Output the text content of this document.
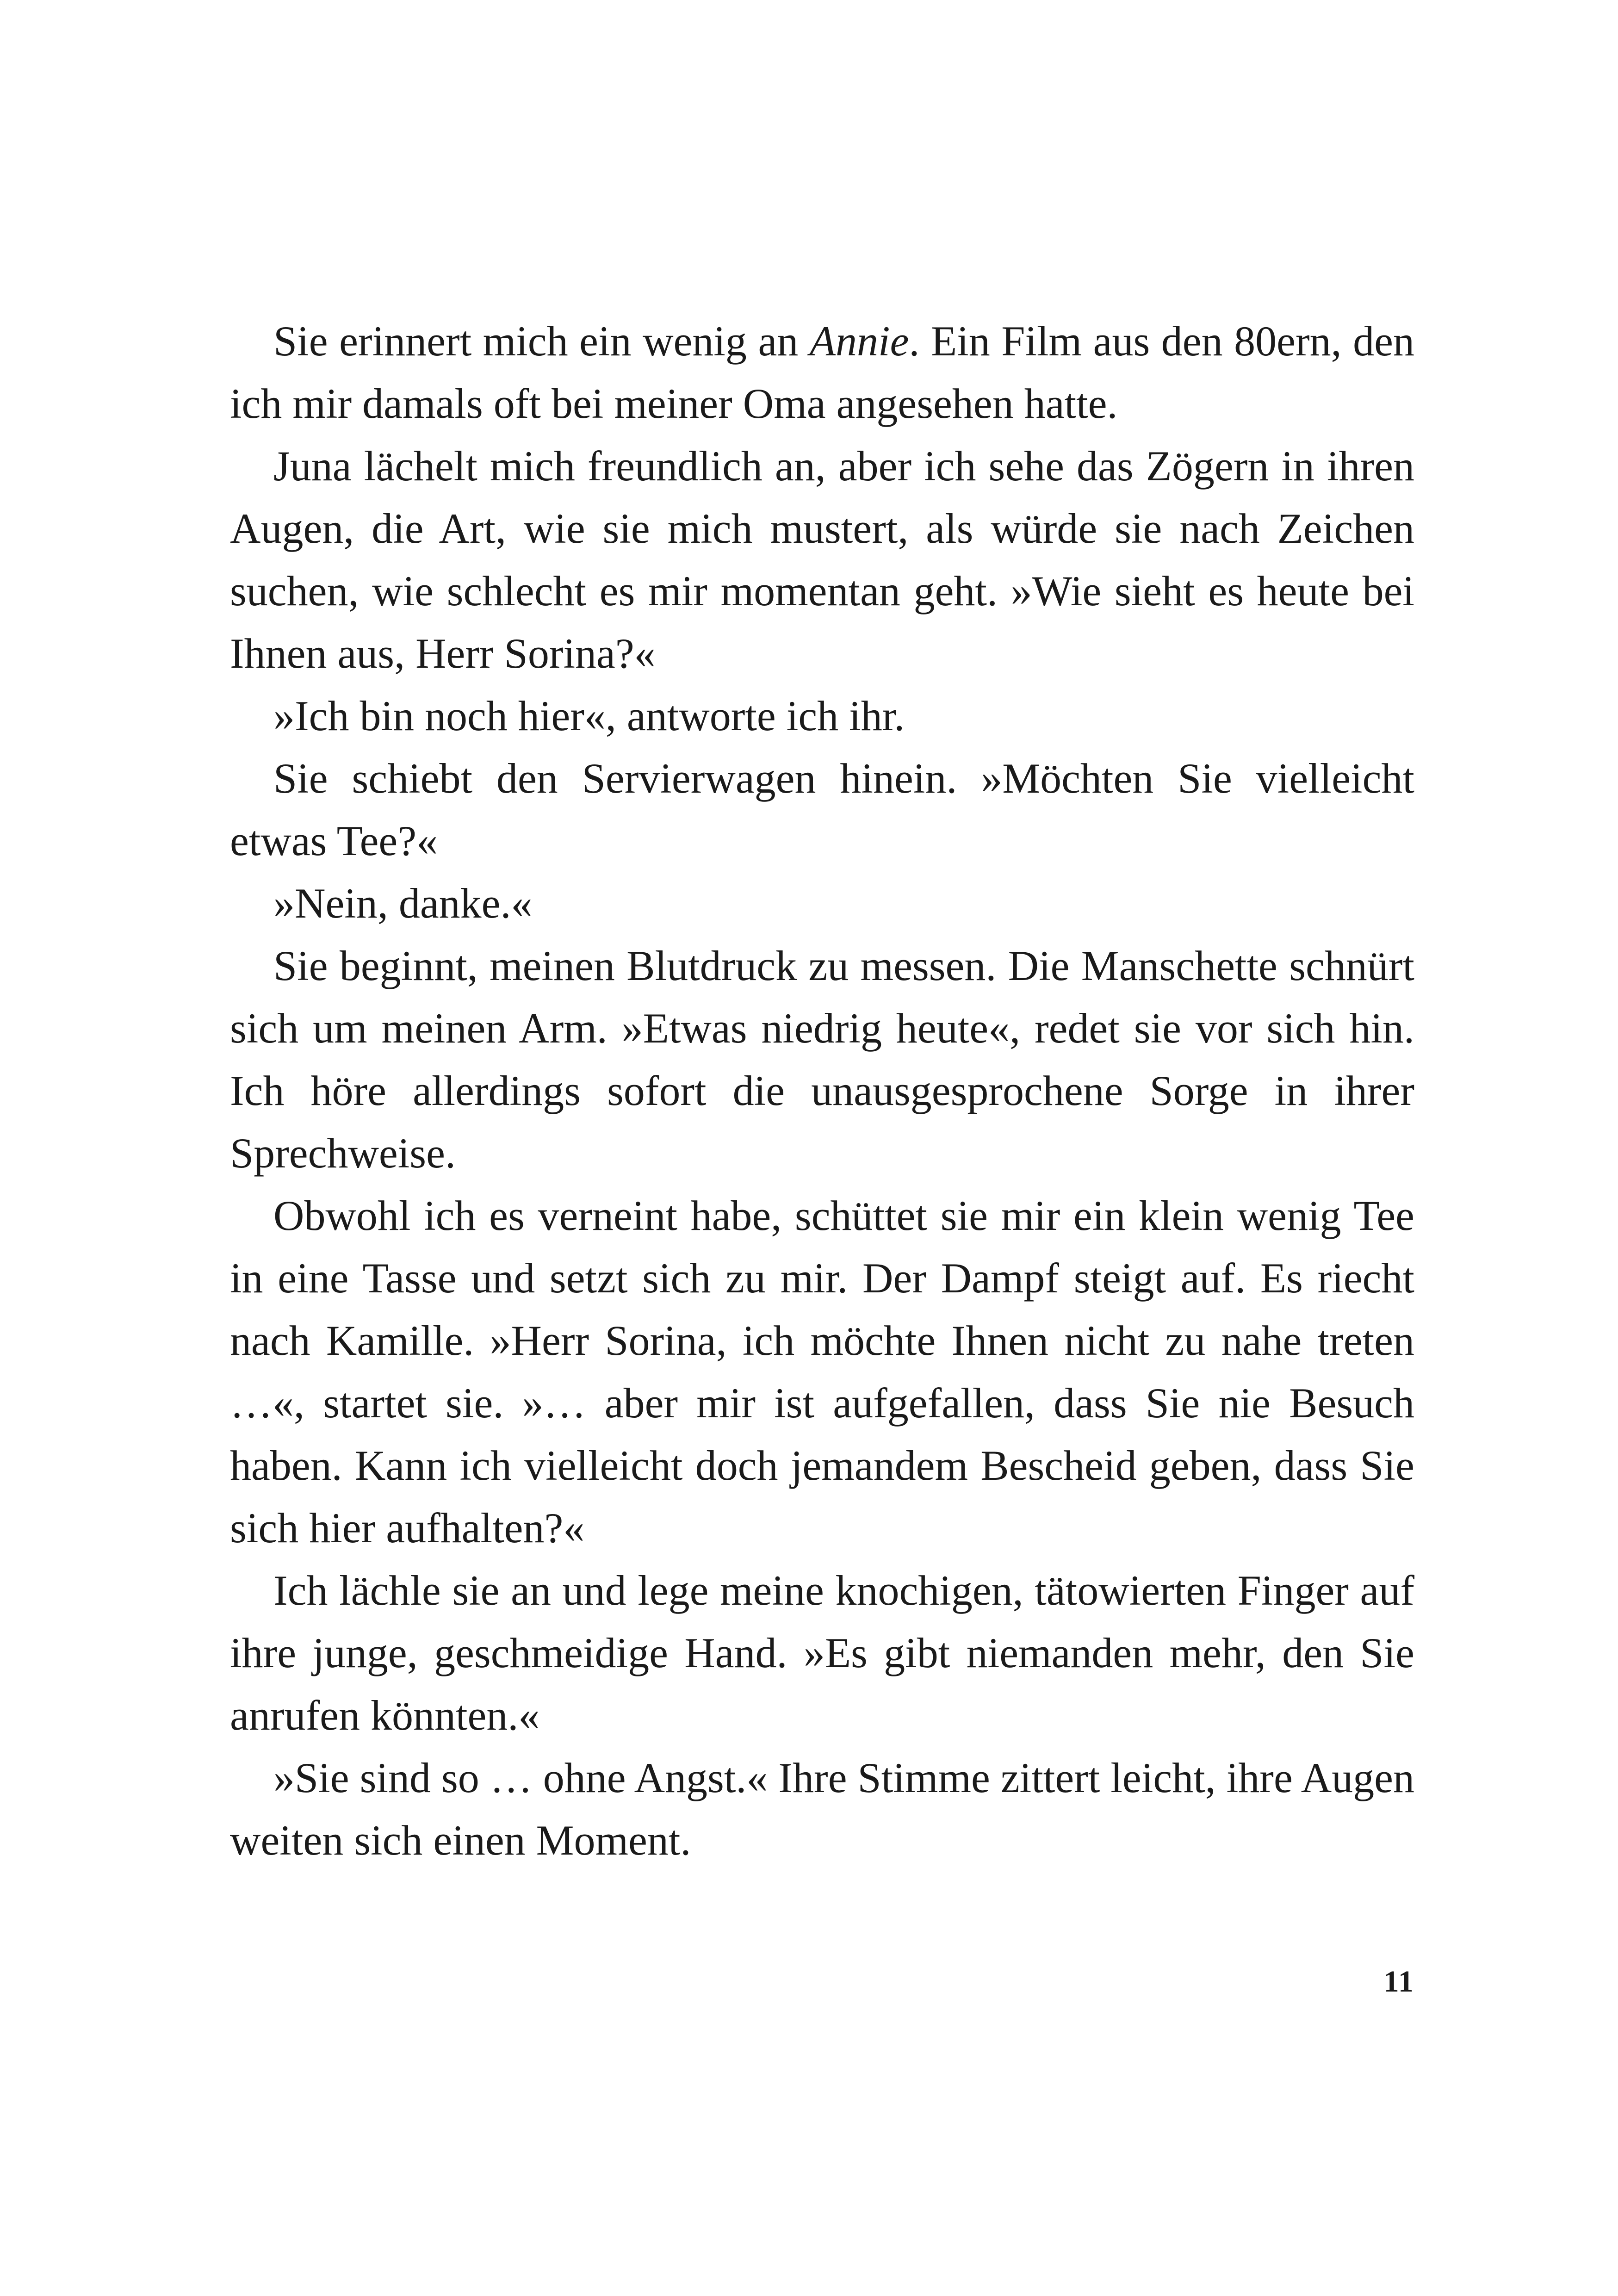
Sie erinnert mich ein wenig an Annie. Ein Film aus den 80ern, den ich mir damals oft bei meiner Oma angesehen hatte.

Juna lächelt mich freundlich an, aber ich sehe das Zögern in ihren Augen, die Art, wie sie mich mustert, als würde sie nach Zeichen suchen, wie schlecht es mir momentan geht. »Wie sieht es heute bei Ihnen aus, Herr Sorina?«

»Ich bin noch hier«, antworte ich ihr.

Sie schiebt den Servierwagen hinein. »Möchten Sie vielleicht etwas Tee?«

»Nein, danke.«

Sie beginnt, meinen Blutdruck zu messen. Die Manschette schnürt sich um meinen Arm. »Etwas niedrig heute«, redet sie vor sich hin. Ich höre allerdings sofort die unausgesprochene Sorge in ihrer Sprechweise.

Obwohl ich es verneint habe, schüttet sie mir ein klein wenig Tee in eine Tasse und setzt sich zu mir. Der Dampf steigt auf. Es riecht nach Kamille. »Herr Sorina, ich möchte Ihnen nicht zu nahe treten …«, startet sie. »… aber mir ist aufgefallen, dass Sie nie Besuch haben. Kann ich vielleicht doch jemandem Bescheid geben, dass Sie sich hier aufhalten?«

Ich lächle sie an und lege meine knochigen, tätowierten Finger auf ihre junge, geschmeidige Hand. »Es gibt niemanden mehr, den Sie anrufen könnten.«

»Sie sind so … ohne Angst.« Ihre Stimme zittert leicht, ihre Augen weiten sich einen Moment.

11
